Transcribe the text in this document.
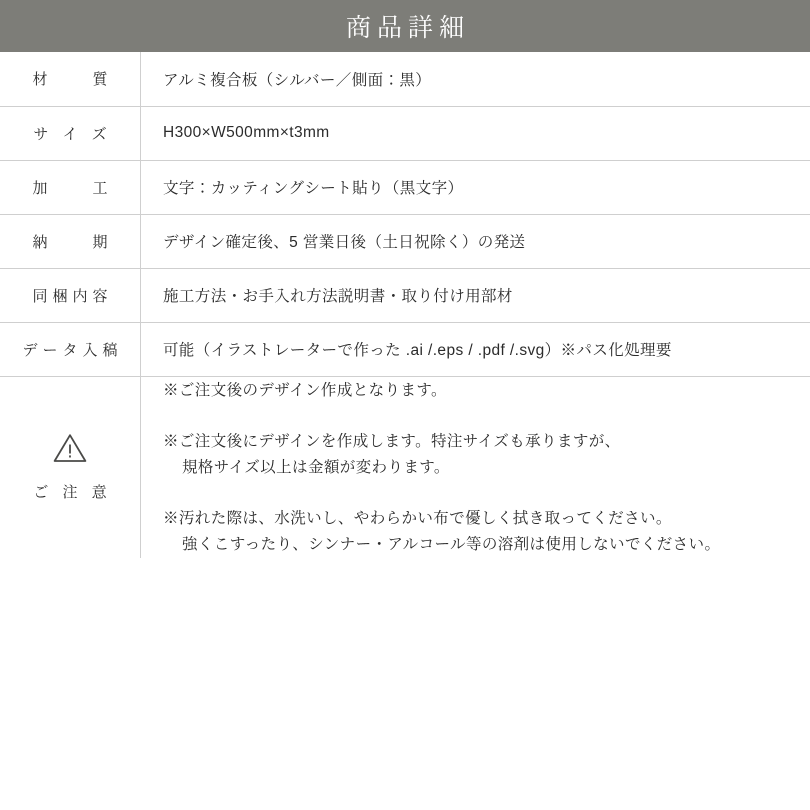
商品詳細
材　　質	アルミ複合板（シルバー／側面：黒）
サ イ ズ	H300×W500mm×t3mm
加　　工	文字：カッティングシート貼り（黒文字）
納　　期	デザイン確定後、5 営業日後（土日祝除く）の発送
同梱内容	施工方法・お手入れ方法説明書・取り付け用部材
データ入稿	可能（イラストレーターで作った .ai /.eps / .pdf /.svg）※パス化処理要

ご 注 意	※ご注文後のデザイン作成となります。

※ご注文後にデザインを作成します。特注サイズも承りますが、
規格サイズ以上は金額が変わります。

※汚れた際は、水洗いし、やわらかい布で優しく拭き取ってください。
強くこすったり、シンナー・アルコール等の溶剤は使用しないでください。
